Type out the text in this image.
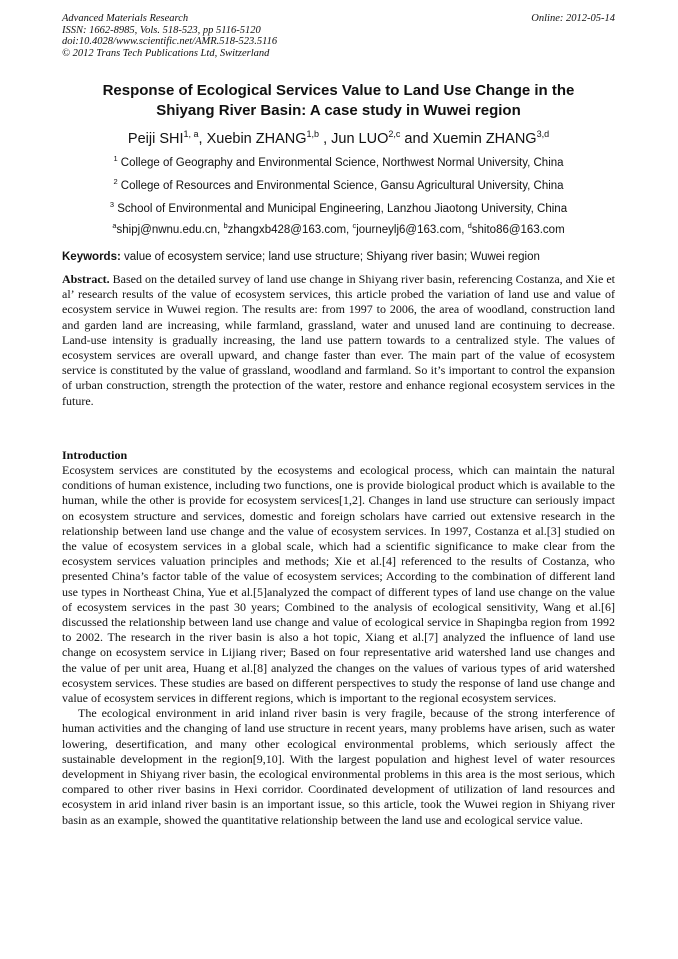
Advanced Materials Research
ISSN: 1662-8985, Vols. 518-523, pp 5116-5120
doi:10.4028/www.scientific.net/AMR.518-523.5116
© 2012 Trans Tech Publications Ltd, Switzerland
Online: 2012-05-14
Response of Ecological Services Value to Land Use Change in the
Shiyang River Basin: A case study in Wuwei region
Peiji SHI$^{1, a}$, Xuebin ZHANG$^{1,b}$ , Jun LUO$^{2,c}$ and Xuemin ZHANG$^{3,d}$
$^1$ College of Geography and Environmental Science, Northwest Normal University, China
$^2$ College of Resources and Environmental Science, Gansu Agricultural University, China
$^3$ School of Environmental and Municipal Engineering, Lanzhou Jiaotong University, China
$^a$shipj@nwnu.edu.cn, $^b$zhangxb428@163.com, $^c$journeylj6@163.com, $^d$shito86@163.com
Keywords: value of ecosystem service; land use structure; Shiyang river basin; Wuwei region

Abstract. Based on the detailed survey of land use change in Shiyang river basin, referencing Costanza, and Xie et al’ research results of the value of ecosystem services, this article probed the variation of land use and value of ecosystem service in Wuwei region. The results are: from 1997 to 2006, the area of woodland, construction land and garden land are increasing, while farmland, grassland, water and unused land are continuing to decrease. Land-use intensity is gradually increasing, the land use pattern towards to a centralized style. The values of ecosystem services are overall upward, and change faster than ever. The main part of the value of ecosystem service is constituted by the value of grassland, woodland and farmland. So it’s important to control the expansion of urban construction, strength the protection of the water, restore and enhance regional ecosystem services in the future.

Introduction

Ecosystem services are constituted by the ecosystems and ecological process, which can maintain the natural conditions of human existence, including two functions, one is provide biological product which is available to the human, while the other is provide for ecosystem services[1,2]. Changes in land use structure can seriously impact on ecosystem structure and services, domestic and foreign scholars have carried out extensive research in the relationship between land use change and the value of ecosystem services. In 1997, Costanza et al.[3] studied on the value of ecosystem services in a global scale, which had a scientific significance to make clear from the ecosystem services valuation principles and methods; Xie et al.[4] referenced to the results of Costanza, who presented China’s factor table of the value of ecosystem services; According to the combination of different land use types in Northeast China, Yue et al.[5]analyzed the compact of different types of land use change on the value of ecosystem services in the past 30 years; Combined to the analysis of ecological sensitivity, Wang et al.[6] discussed the relationship between land use change and value of ecological service in Shapingba region from 1992 to 2002. The research in the river basin is also a hot topic, Xiang et al.[7] analyzed the influence of land use change on ecosystem service in Lijiang river; Based on four representative arid watershed land use changes and the value of per unit area, Huang et al.[8] analyzed the changes on the values of various types of arid watershed ecosystem services. These studies are based on different perspectives to study the response of land use change and value of ecosystem services in different regions, which is important to the regional ecosystem services.

The ecological environment in arid inland river basin is very fragile, because of the strong interference of human activities and the changing of land use structure in recent years, many problems have arisen, such as water lowering, desertification, and many other ecological environmental problems, which seriously affect the sustainable development in the region[9,10]. With the largest population and highest level of water resources development in Shiyang river basin, the ecological environmental problems in this area is the most serious, which compared to other river basins in Hexi corridor. Coordinated development of utilization of land resources and ecosystem in arid inland river basin is an important issue, so this article, took the Wuwei region in Shiyang river basin as an example, showed the quantitative relationship between the land use and ecological service value.
